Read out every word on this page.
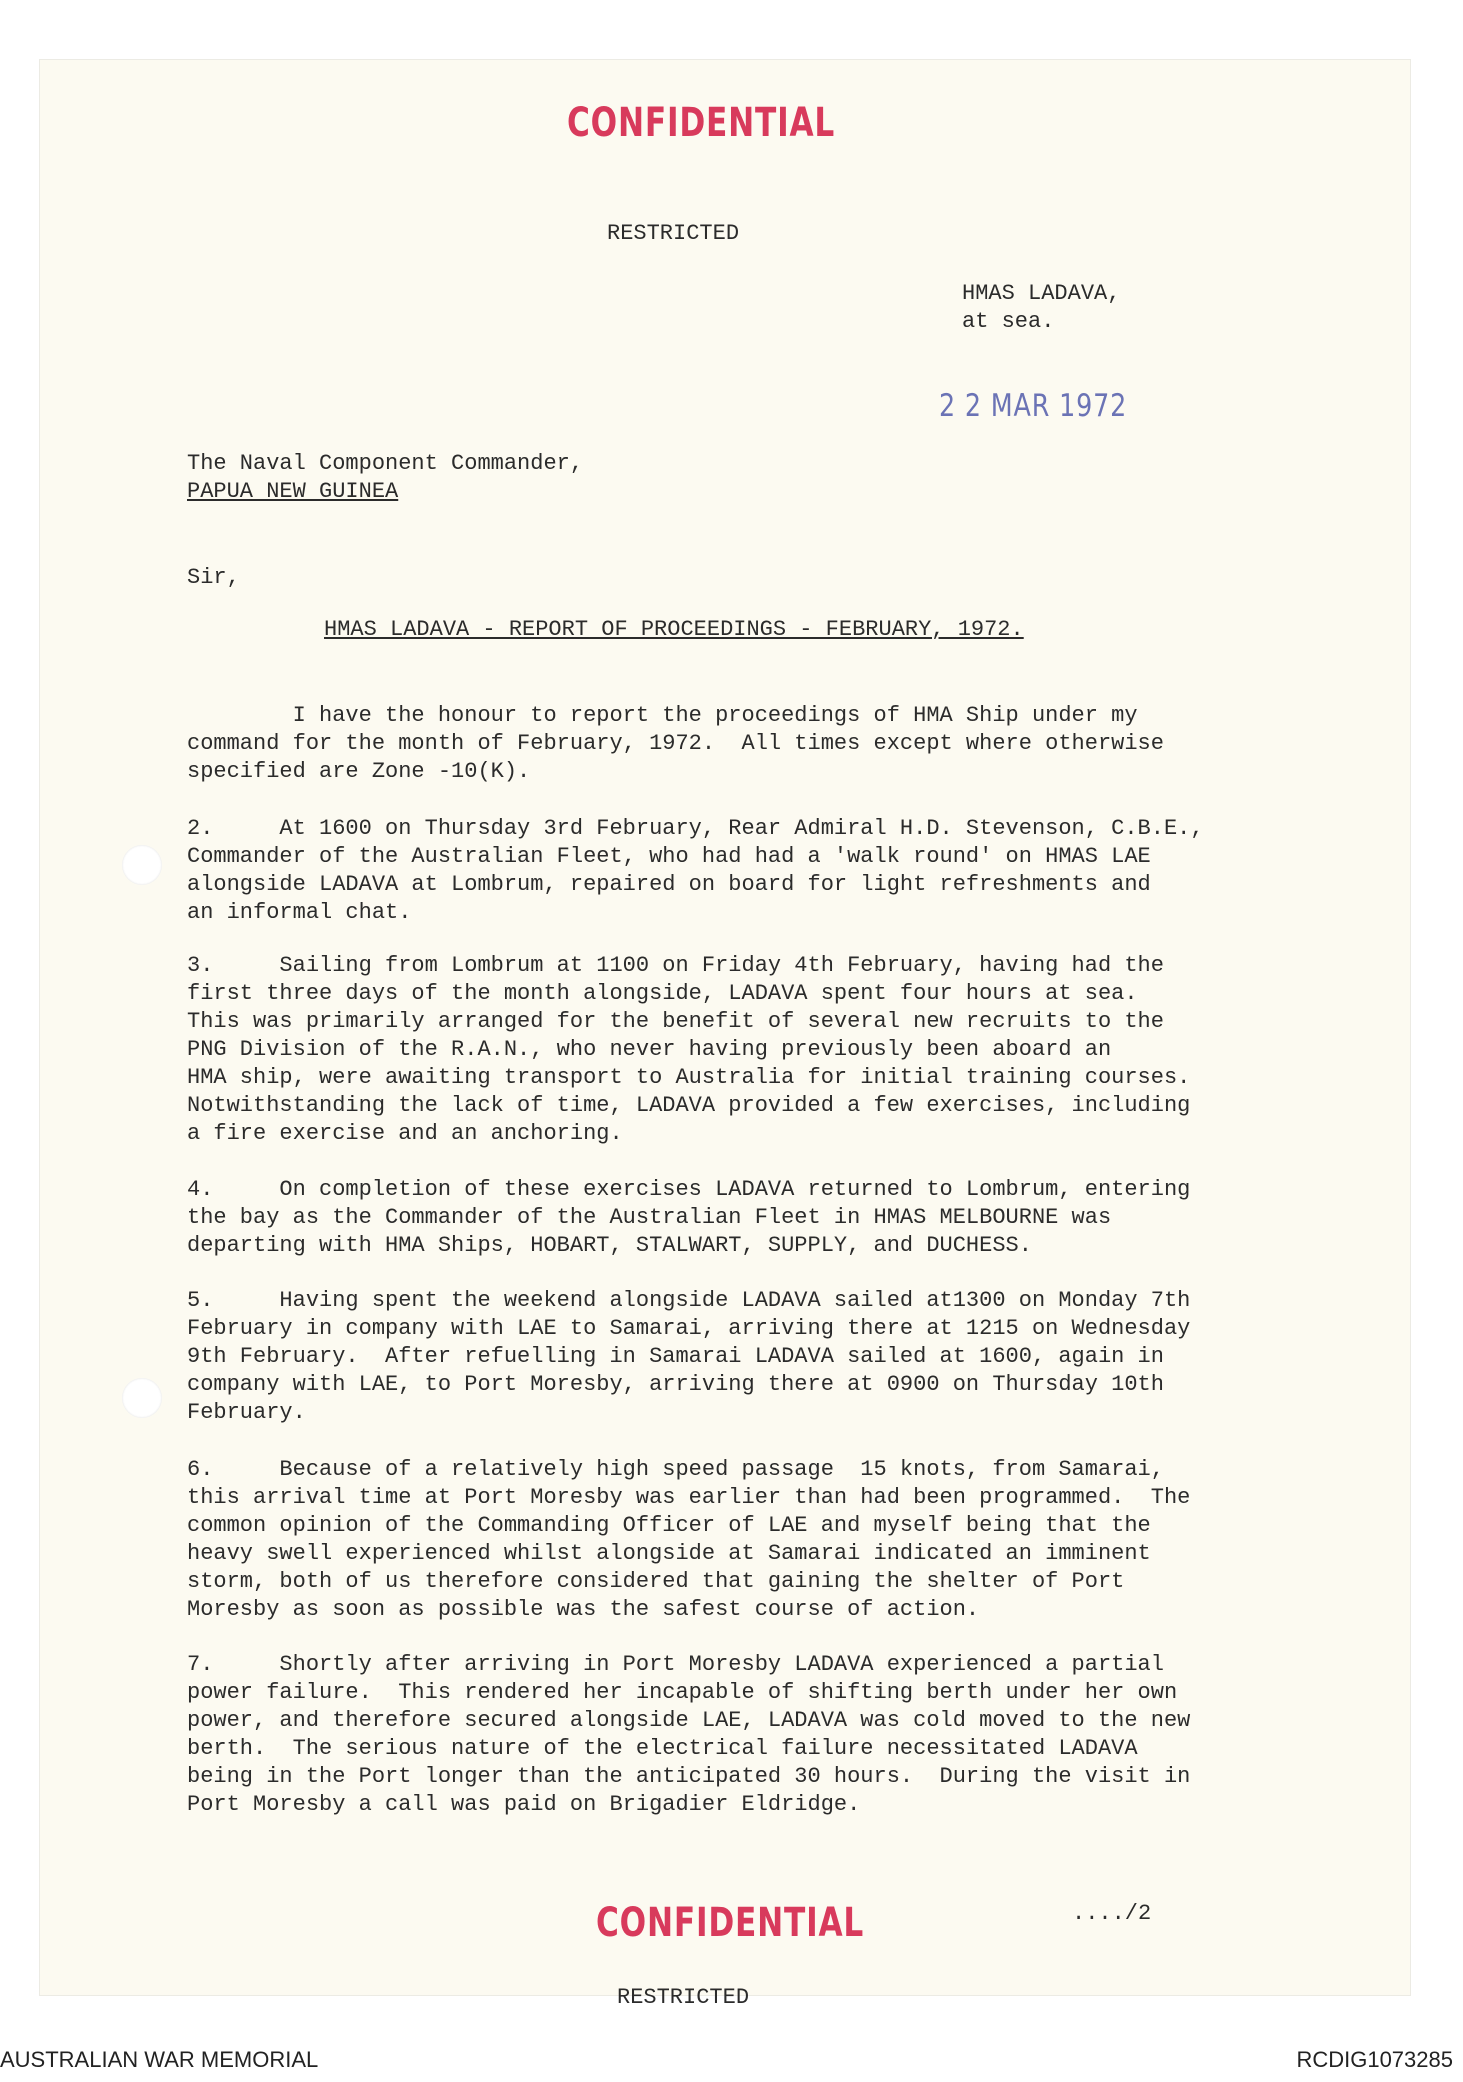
CONFIDENTIAL
RESTRICTED
HMAS LADAVA,
at sea.
2 2 MAR 1972
The Naval Component Commander,
PAPUA NEW GUINEA
Sir,
HMAS LADAVA - REPORT OF PROCEEDINGS - FEBRUARY, 1972.
I have the honour to report the proceedings of HMA Ship under my
command for the month of February, 1972.  All times except where otherwise
specified are Zone -10(K).
2.     At 1600 on Thursday 3rd February, Rear Admiral H.D. Stevenson, C.B.E.,
Commander of the Australian Fleet, who had had a 'walk round' on HMAS LAE
alongside LADAVA at Lombrum, repaired on board for light refreshments and
an informal chat.
3.     Sailing from Lombrum at 1100 on Friday 4th February, having had the
first three days of the month alongside, LADAVA spent four hours at sea.
This was primarily arranged for the benefit of several new recruits to the
PNG Division of the R.A.N., who never having previously been aboard an
HMA ship, were awaiting transport to Australia for initial training courses.
Notwithstanding the lack of time, LADAVA provided a few exercises, including
a fire exercise and an anchoring.
4.     On completion of these exercises LADAVA returned to Lombrum, entering
the bay as the Commander of the Australian Fleet in HMAS MELBOURNE was
departing with HMA Ships, HOBART, STALWART, SUPPLY, and DUCHESS.
5.     Having spent the weekend alongside LADAVA sailed at1300 on Monday 7th
February in company with LAE to Samarai, arriving there at 1215 on Wednesday
9th February.  After refuelling in Samarai LADAVA sailed at 1600, again in
company with LAE, to Port Moresby, arriving there at 0900 on Thursday 10th
February.
6.     Because of a relatively high speed passage  15 knots, from Samarai,
this arrival time at Port Moresby was earlier than had been programmed.  The
common opinion of the Commanding Officer of LAE and myself being that the
heavy swell experienced whilst alongside at Samarai indicated an imminent
storm, both of us therefore considered that gaining the shelter of Port
Moresby as soon as possible was the safest course of action.
7.     Shortly after arriving in Port Moresby LADAVA experienced a partial
power failure.  This rendered her incapable of shifting berth under her own
power, and therefore secured alongside LAE, LADAVA was cold moved to the new
berth.  The serious nature of the electrical failure necessitated LADAVA
being in the Port longer than the anticipated 30 hours.  During the visit in
Port Moresby a call was paid on Brigadier Eldridge.
CONFIDENTIAL	..../2
RESTRICTED
AUSTRALIAN WAR MEMORIAL	RCDIG1073285
